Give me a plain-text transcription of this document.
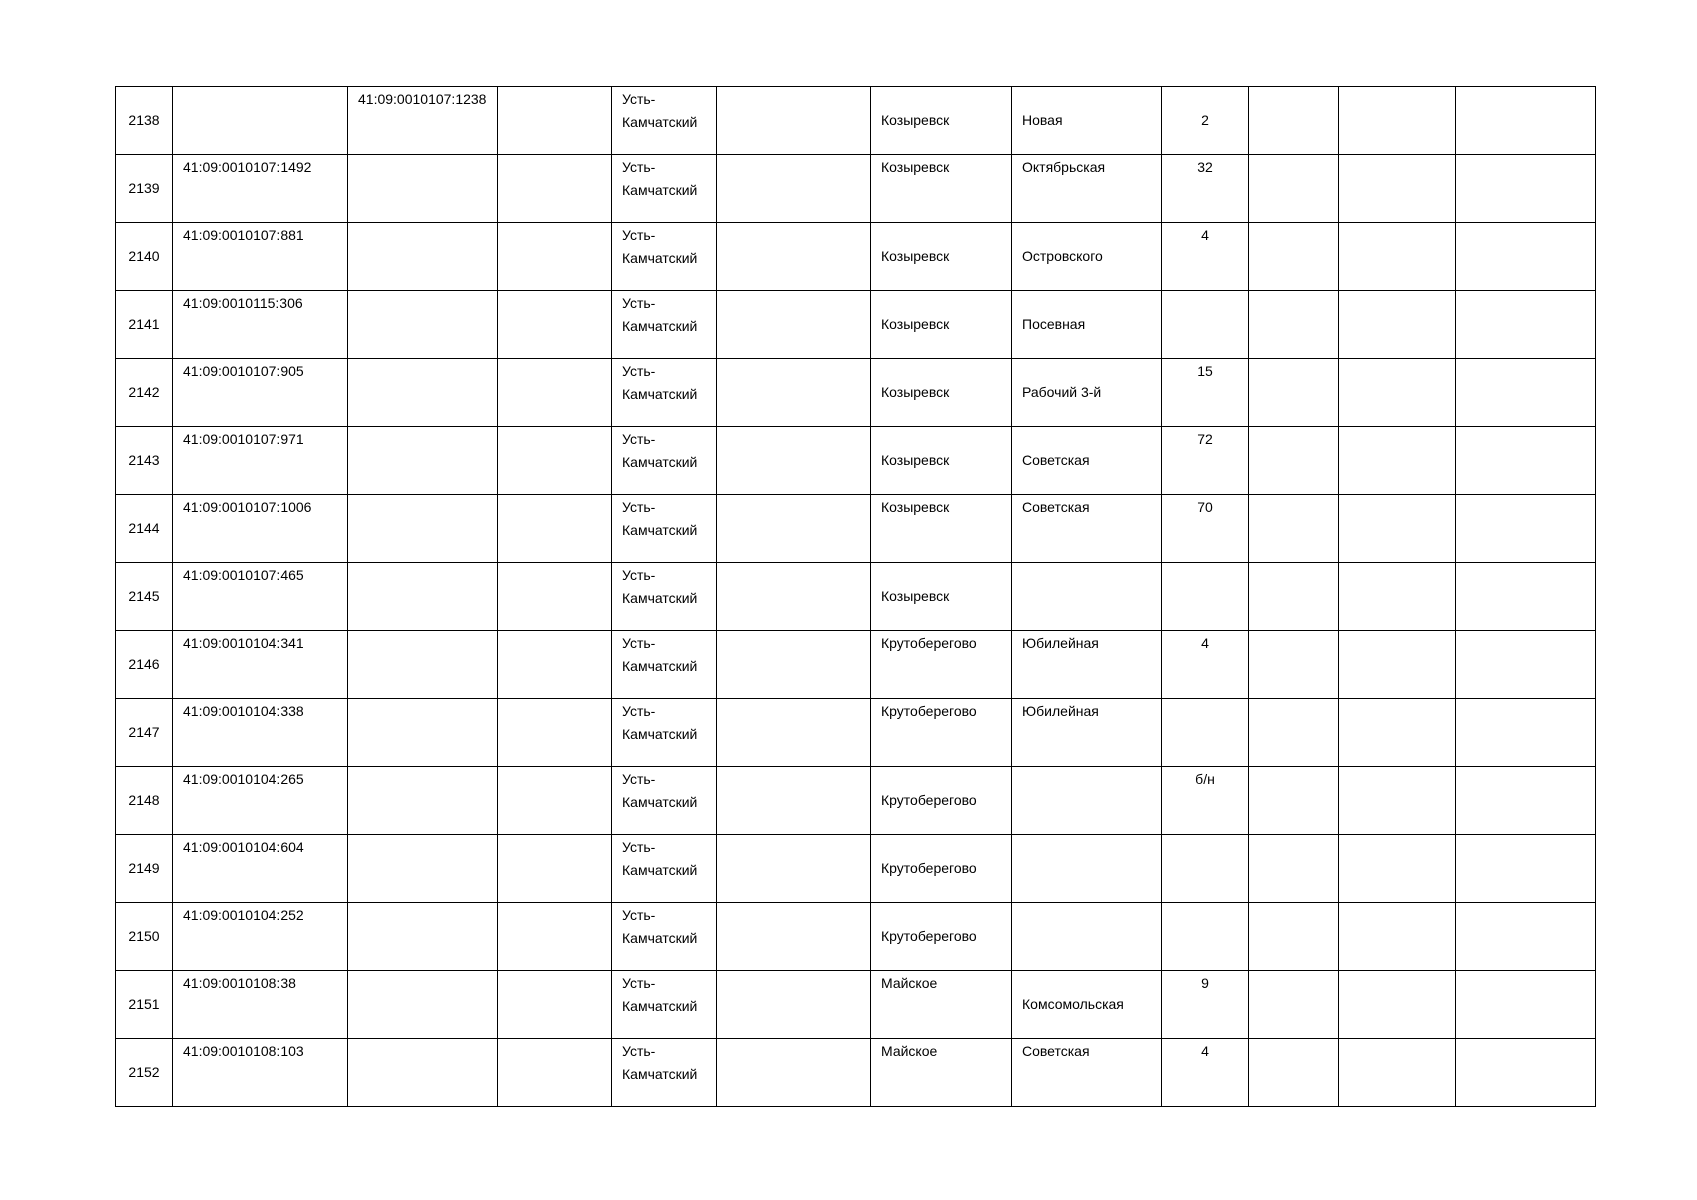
2138		41:09:0010107:1238		Усть-Камчатский		Козыревск	Новая	2			
2139	41:09:0010107:1492			Усть-Камчатский		Козыревск	Октябрьская	32			
2140	41:09:0010107:881			Усть-Камчатский		Козыревск	Островского	4			
2141	41:09:0010115:306			Усть-Камчатский		Козыревск	Посевная				
2142	41:09:0010107:905			Усть-Камчатский		Козыревск	Рабочий 3-й	15			
2143	41:09:0010107:971			Усть-Камчатский		Козыревск	Советская	72			
2144	41:09:0010107:1006			Усть-Камчатский		Козыревск	Советская	70			
2145	41:09:0010107:465			Усть-Камчатский		Козыревск					
2146	41:09:0010104:341			Усть-Камчатский		Крутоберегово	Юбилейная	4			
2147	41:09:0010104:338			Усть-Камчатский		Крутоберегово	Юбилейная				
2148	41:09:0010104:265			Усть-Камчатский		Крутоберегово		б/н			
2149	41:09:0010104:604			Усть-Камчатский		Крутоберегово					
2150	41:09:0010104:252			Усть-Камчатский		Крутоберегово					
2151	41:09:0010108:38			Усть-Камчатский		Майское	Комсомольская	9			
2152	41:09:0010108:103			Усть-Камчатский		Майское	Советская	4			
